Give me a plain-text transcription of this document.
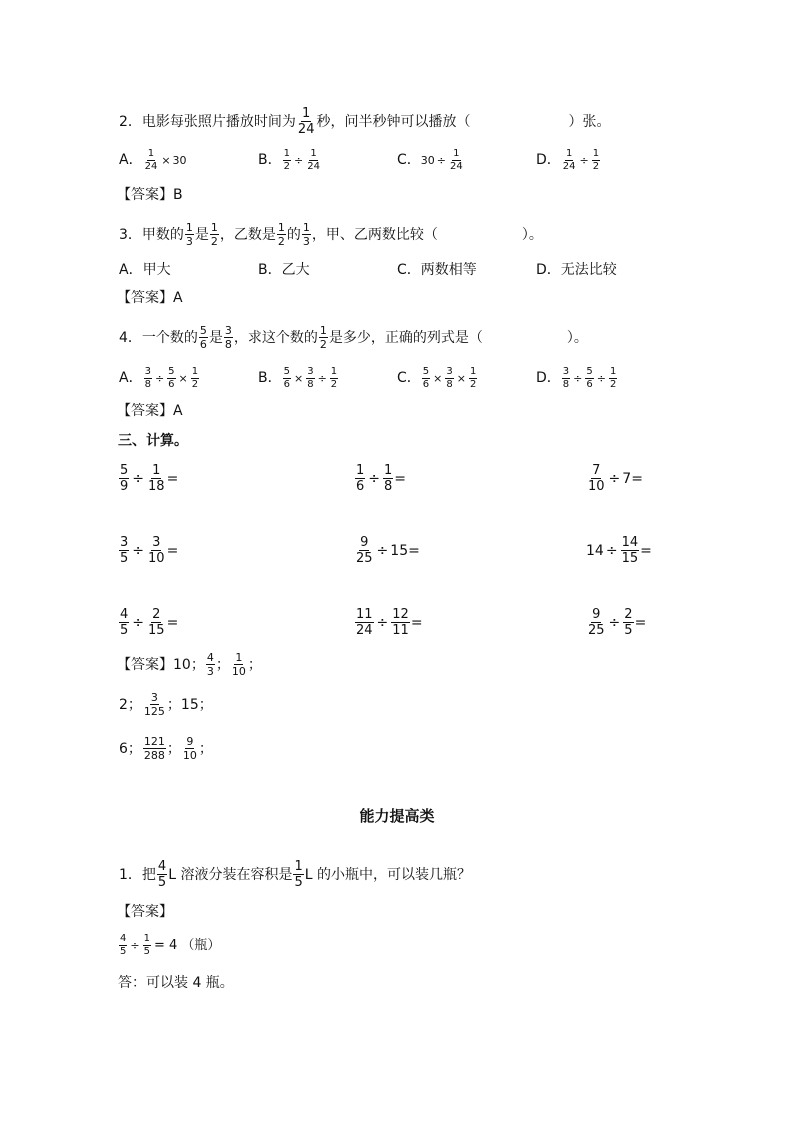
2．电影每张照片播放时间为 $\frac{1}{24}$ 秒，问半秒钟可以播放（　　　　　　　）张。
A． $\frac{1}{24} \times 30$	B． $\frac{1}{2} \div \frac{1}{24}$	C． $30 \div \frac{1}{24}$	D． $\frac{1}{24} \div \frac{1}{2}$
【答案】B
3．甲数的 $\frac{1}{3}$ 是 $\frac{1}{2}$ ，乙数是 $\frac{1}{2}$ 的 $\frac{1}{3}$ ，甲、乙两数比较（　　　　　　）。
A．甲大	B．乙大	C．两数相等	D．无法比较
【答案】A
4．一个数的 $\frac{5}{6}$ 是 $\frac{3}{8}$ ，求这个数的 $\frac{1}{2}$ 是多少，正确的列式是（　　　　　　）。
A． $\frac{3}{8} \div \frac{5}{6} \times \frac{1}{2}$	B． $\frac{5}{6} \times \frac{3}{8} \div \frac{1}{2}$	C． $\frac{5}{6} \times \frac{3}{8} \times \frac{1}{2}$	D． $\frac{3}{8} \div \frac{5}{6} \div \frac{1}{2}$
【答案】A
三、计算。
$\frac{5}{9} \div \frac{1}{18}$ =	$\frac{1}{6} \div \frac{1}{8}$ =	$\frac{7}{10} \div 7$ =
$\frac{3}{5} \div \frac{3}{10}$ =	$\frac{9}{25} \div 15$ =	$14 \div \frac{14}{15}$ =
$\frac{4}{5} \div \frac{2}{15}$ =	$\frac{11}{24} \div \frac{12}{11}$ =	$\frac{9}{25} \div \frac{2}{5}$ =
【答案】10； $\frac{4}{3}$ ； $\frac{1}{10}$ ；
2； $\frac{3}{125}$ ；15；
6； $\frac{121}{288}$ ； $\frac{9}{10}$ ；
能力提高类
1．把 $\frac{4}{5}$ L 溶液分装在容积是 $\frac{1}{5}$ L 的小瓶中，可以装几瓶？
【答案】
$\frac{4}{5} \div \frac{1}{5} = 4$ （瓶）
答：可以装 4 瓶。
